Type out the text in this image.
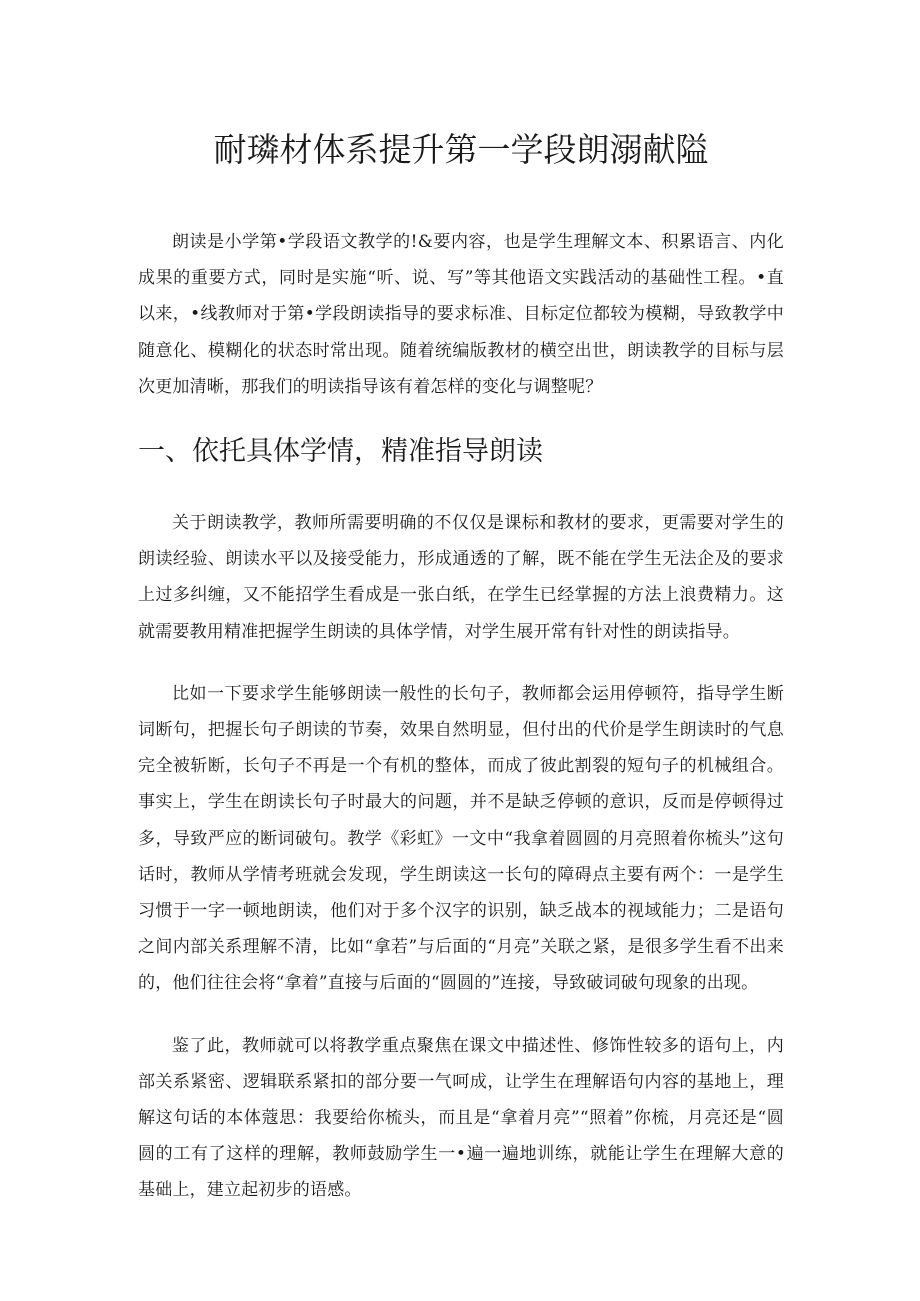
耐璘材体系提升第一学段朗溺献隘

朗读是小学第•学段语文教学的!&要内容，也是学生理解文本、积累语言、内化成果的重要方式，同时是实施“听、说、写”等其他语文实践活动的基础性工程。•直以来，•线教师对于第•学段朗读指导的要求标准、目标定位都较为模糊，导致教学中随意化、模糊化的状态时常出现。随着统编版教材的横空出世，朗读教学的目标与层次更加清晰，那我们的明读指导该有着怎样的变化与调整呢？

一、依托具体学情，精准指导朗读

关于朗读教学，教师所需要明确的不仅仅是课标和教材的要求，更需要对学生的朗读经验、朗读水平以及接受能力，形成通透的了解，既不能在学生无法企及的要求上过多纠缠，又不能招学生看成是一张白纸，在学生已经掌握的方法上浪费精力。这就需要教用精准把握学生朗读的具体学情，对学生展开常有针对性的朗读指导。

比如一下要求学生能够朗读一般性的长句子，教师都会运用停顿符，指导学生断词断句，把握长句子朗读的节奏，效果自然明显，但付出的代价是学生朗读时的气息完全被斩断，长句子不再是一个有机的整体，而成了彼此割裂的短句子的机械组合。事实上，学生在朗读长句子时最大的问题，并不是缺乏停顿的意识，反而是停顿得过多，导致严应的断词破句。教学《彩虹》一文中“我拿着圆圆的月亮照着你梳头”这句话时，教师从学情考班就会发现，学生朗读这一长句的障碍点主要有两个：一是学生习惯于一字一顿地朗读，他们对于多个汉字的识别，缺乏战本的视域能力；二是语句之间内部关系理解不清，比如“拿若”与后面的“月亮”关联之紧，是很多学生看不出来的，他们往往会将“拿着”直接与后面的“圆圆的”连接，导致破词破句现象的出现。

鉴了此，教师就可以将教学重点聚焦在课文中描述性、修饰性较多的语句上，内部关系紧密、逻辑联系紧扣的部分要一气呵成，让学生在理解语句内容的基地上，理解这句话的本体蔻思：我要给你梳头，而且是“拿着月亮”“照着”你梳，月亮还是“圆圆的工有了这样的理解，教师鼓励学生一•遍一遍地训练，就能让学生在理解大意的基础上，建立起初步的语感。
